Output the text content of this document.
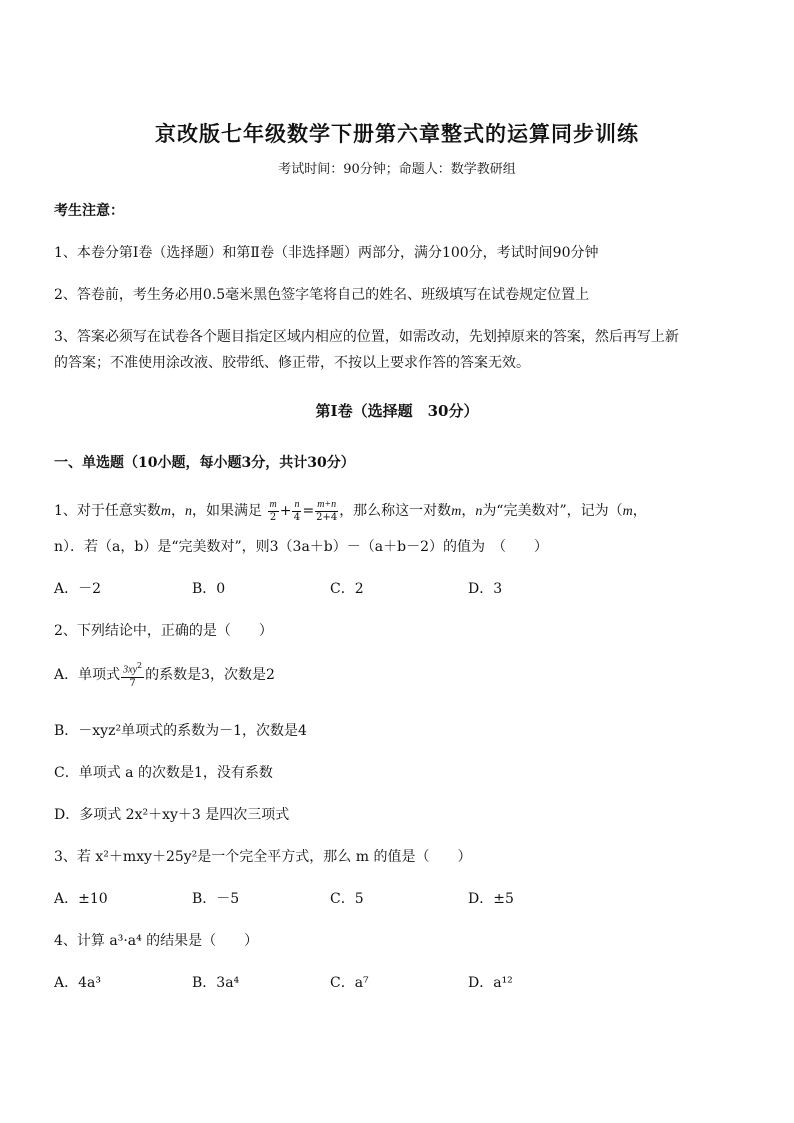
京改版七年级数学下册第六章整式的运算同步训练
考试时间：90分钟；命题人：数学教研组
考生注意：
1、本卷分第Ⅰ卷（选择题）和第Ⅱ卷（非选择题）两部分，满分100分，考试时间90分钟
2、答卷前，考生务必用0.5毫米黑色签字笔将自己的姓名、班级填写在试卷规定位置上
3、答案必须写在试卷各个题目指定区域内相应的位置，如需改动，先划掉原来的答案，然后再写上新
的答案；不准使用涂改液、胶带纸、修正带，不按以上要求作答的答案无效。
第Ⅰ卷（选择题　30分）
一、单选题（10小题，每小题3分，共计30分）
1、对于任意实数m，n，如果满足 $\frac{m}{2} + \frac{n}{4} = \frac{m+n}{2+4}$ ，那么称这一对数m，n为“完美数对”，记为（m，
n）．若（a，b）是“完美数对”，则3（3a＋b）－（a＋b－2）的值为　（　　）
A．－2	B．0	C．2	D．3
2、下列结论中，正确的是（　　）
A．单项式 $\frac{3xy^2}{7}$ 的系数是3，次数是2
B．－xyz²单项式的系数为－1，次数是4
C．单项式 a 的次数是1，没有系数
D．多项式 2x²＋xy＋3 是四次三项式
3、若 x²＋mxy＋25y²是一个完全平方式，那么 m 的值是（　　）
A．±10	B．－5	C．5	D．±5
4、计算 a³·a⁴ 的结果是（　　）
A．4a³	B．3a⁴	C．a⁷	D．a¹²
